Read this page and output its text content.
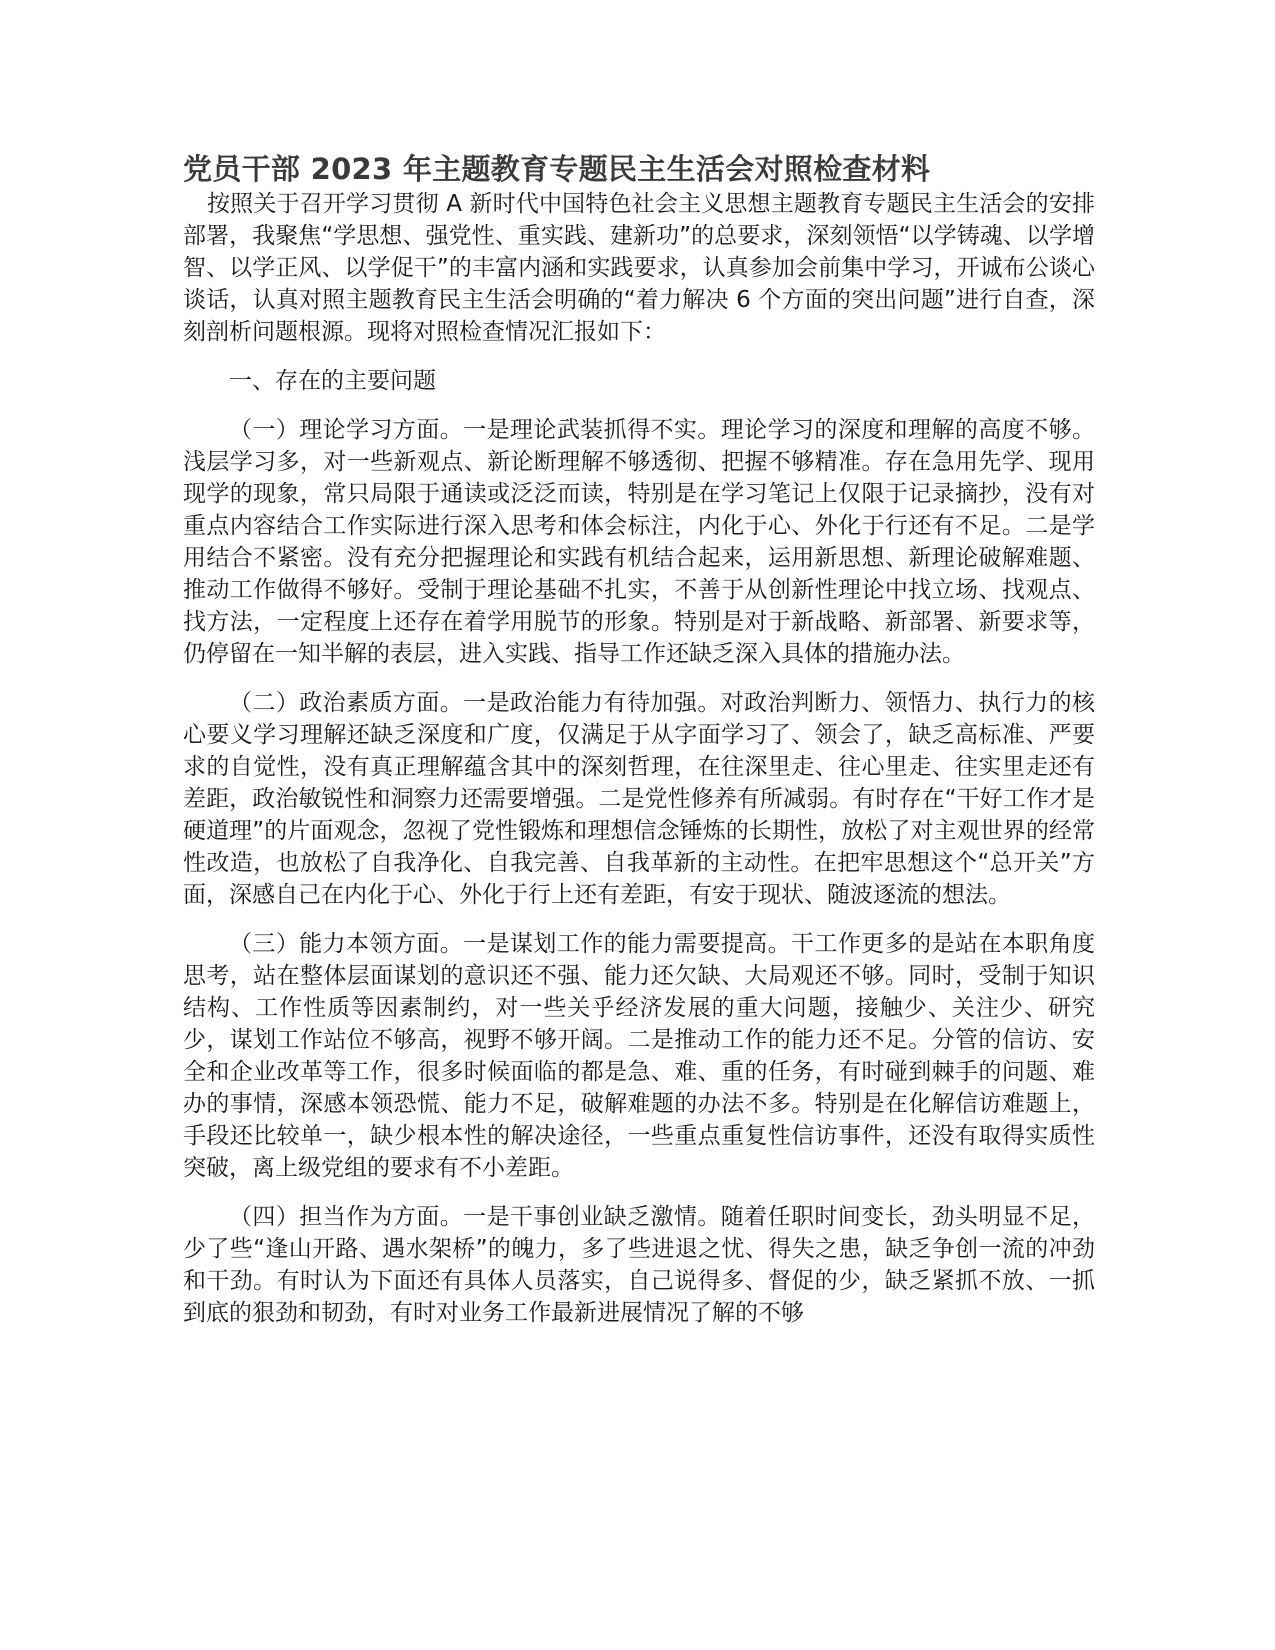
党员干部 2023 年主题教育专题民主生活会对照检查材料

按照关于召开学习贯彻 A 新时代中国特色社会主义思想主题教育专题民主生活会的安排部署，我聚焦“学思想、强党性、重实践、建新功”的总要求，深刻领悟“以学铸魂、以学增智、以学正风、以学促干”的丰富内涵和实践要求，认真参加会前集中学习，开诚布公谈心谈话，认真对照主题教育民主生活会明确的“着力解决 6 个方面的突出问题”进行自查，深刻剖析问题根源。现将对照检查情况汇报如下：

一、存在的主要问题

（一）理论学习方面。一是理论武装抓得不实。理论学习的深度和理解的高度不够。浅层学习多，对一些新观点、新论断理解不够透彻、把握不够精准。存在急用先学、现用现学的现象，常只局限于通读或泛泛而读，特别是在学习笔记上仅限于记录摘抄，没有对重点内容结合工作实际进行深入思考和体会标注，内化于心、外化于行还有不足。二是学用结合不紧密。没有充分把握理论和实践有机结合起来，运用新思想、新理论破解难题、推动工作做得不够好。受制于理论基础不扎实，不善于从创新性理论中找立场、找观点、找方法，一定程度上还存在着学用脱节的形象。特别是对于新战略、新部署、新要求等，仍停留在一知半解的表层，进入实践、指导工作还缺乏深入具体的措施办法。

（二）政治素质方面。一是政治能力有待加强。对政治判断力、领悟力、执行力的核心要义学习理解还缺乏深度和广度，仅满足于从字面学习了、领会了，缺乏高标准、严要求的自觉性，没有真正理解蕴含其中的深刻哲理，在往深里走、往心里走、往实里走还有差距，政治敏锐性和洞察力还需要增强。二是党性修养有所减弱。有时存在“干好工作才是硬道理”的片面观念，忽视了党性锻炼和理想信念锤炼的长期性，放松了对主观世界的经常性改造，也放松了自我净化、自我完善、自我革新的主动性。在把牢思想这个“总开关”方面，深感自己在内化于心、外化于行上还有差距，有安于现状、随波逐流的想法。

（三）能力本领方面。一是谋划工作的能力需要提高。干工作更多的是站在本职角度思考，站在整体层面谋划的意识还不强、能力还欠缺、大局观还不够。同时，受制于知识结构、工作性质等因素制约，对一些关乎经济发展的重大问题，接触少、关注少、研究少，谋划工作站位不够高，视野不够开阔。二是推动工作的能力还不足。分管的信访、安全和企业改革等工作，很多时候面临的都是急、难、重的任务，有时碰到棘手的问题、难办的事情，深感本领恐慌、能力不足，破解难题的办法不多。特别是在化解信访难题上，手段还比较单一，缺少根本性的解决途径，一些重点重复性信访事件，还没有取得实质性突破，离上级党组的要求有不小差距。

（四）担当作为方面。一是干事创业缺乏激情。随着任职时间变长，劲头明显不足，少了些“逢山开路、遇水架桥”的魄力，多了些进退之忧、得失之患，缺乏争创一流的冲劲和干劲。有时认为下面还有具体人员落实，自己说得多、督促的少，缺乏紧抓不放、一抓到底的狠劲和韧劲，有时对业务工作最新进展情况了解的不够
